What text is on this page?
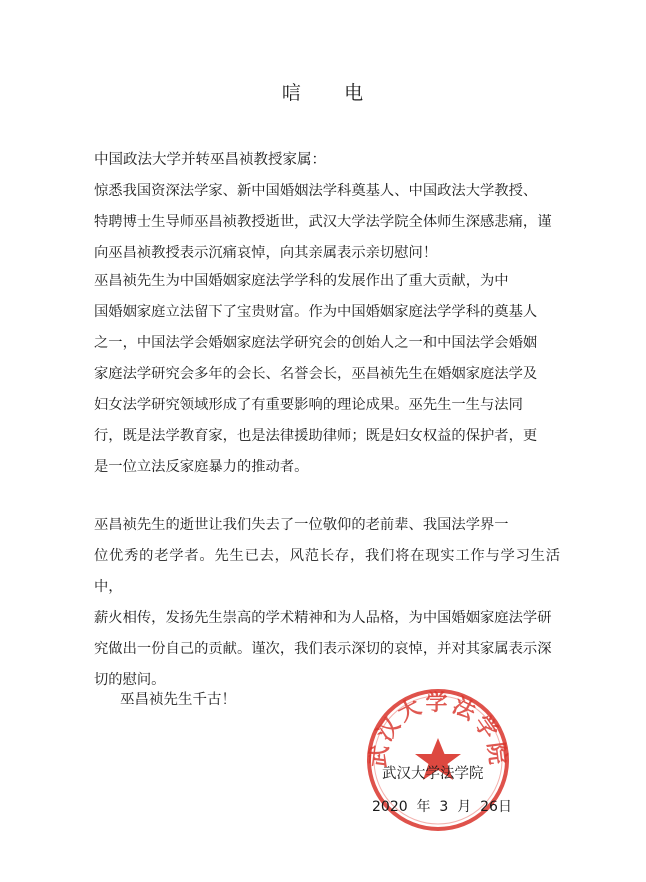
唁      电
中国政法大学并转巫昌祯教授家属：
惊悉我国资深法学家、新中国婚姻法学科奠基人、中国政法大学教授、
特聘博士生导师巫昌祯教授逝世，武汉大学法学院全体师生深感悲痛，谨
向巫昌祯教授表示沉痛哀悼，向其亲属表示亲切慰问！
巫昌祯先生为中国婚姻家庭法学学科的发展作出了重大贡献，为中
国婚姻家庭立法留下了宝贵财富。作为中国婚姻家庭法学学科的奠基人
之一，中国法学会婚姻家庭法学研究会的创始人之一和中国法学会婚姻
家庭法学研究会多年的会长、名誉会长，巫昌祯先生在婚姻家庭法学及
妇女法学研究领域形成了有重要影响的理论成果。巫先生一生与法同
行，既是法学教育家，也是法律援助律师；既是妇女权益的保护者，更
是一位立法反家庭暴力的推动者。
巫昌祯先生的逝世让我们失去了一位敬仰的老前辈、我国法学界一
位优秀的老学者。先生已去，风范长存，我们将在现实工作与学习生活中，
薪火相传，发扬先生崇高的学术精神和为人品格，为中国婚姻家庭法学研
究做出一份自己的贡献。谨次，我们表示深切的哀悼，并对其家属表示深
切的慰问。
巫昌祯先生千古！
武汉大学法学院
武汉大学法学院
2020  年  3  月  26日
